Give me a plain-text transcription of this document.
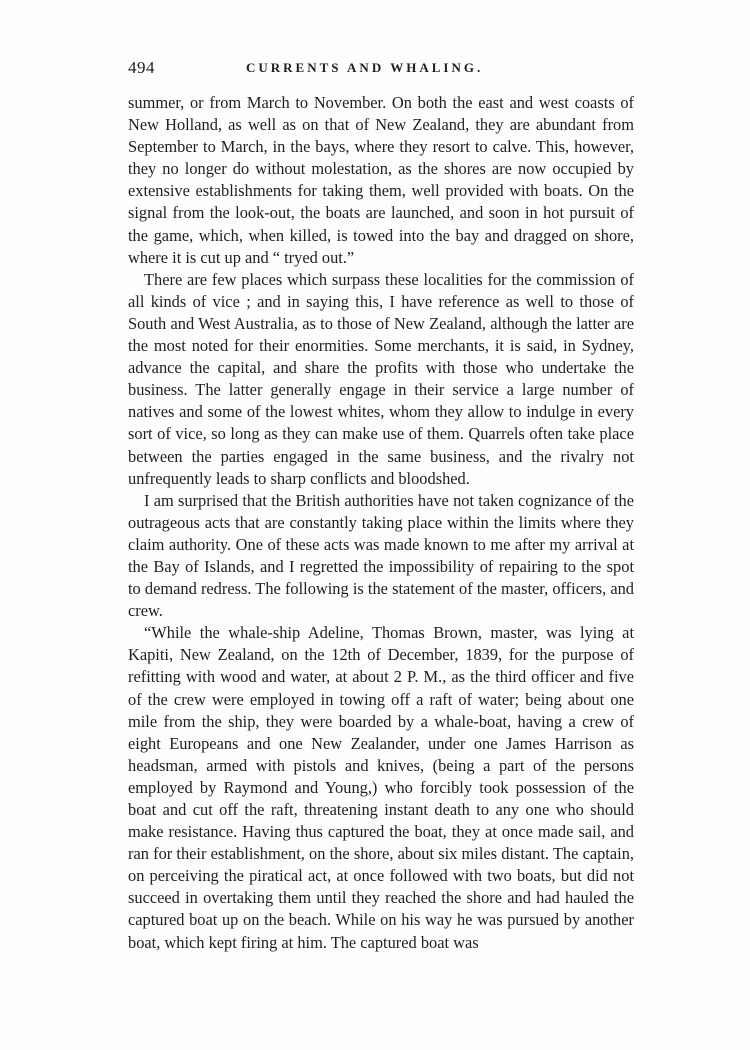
494	CURRENTS AND WHALING.

summer, or from March to November. On both the east and west coasts of New Holland, as well as on that of New Zealand, they are abundant from September to March, in the bays, where they resort to calve. This, however, they no longer do without molestation, as the shores are now occupied by extensive establishments for taking them, well provided with boats. On the signal from the look-out, the boats are launched, and soon in hot pursuit of the game, which, when killed, is towed into the bay and dragged on shore, where it is cut up and “ tryed out.”

There are few places which surpass these localities for the commission of all kinds of vice ; and in saying this, I have reference as well to those of South and West Australia, as to those of New Zealand, although the latter are the most noted for their enormities. Some merchants, it is said, in Sydney, advance the capital, and share the profits with those who undertake the business. The latter generally engage in their service a large number of natives and some of the lowest whites, whom they allow to indulge in every sort of vice, so long as they can make use of them. Quarrels often take place between the parties engaged in the same business, and the rivalry not unfrequently leads to sharp conflicts and bloodshed.

I am surprised that the British authorities have not taken cognizance of the outrageous acts that are constantly taking place within the limits where they claim authority. One of these acts was made known to me after my arrival at the Bay of Islands, and I regretted the impossibility of repairing to the spot to demand redress. The following is the statement of the master, officers, and crew.

“While the whale-ship Adeline, Thomas Brown, master, was lying at Kapiti, New Zealand, on the 12th of December, 1839, for the purpose of refitting with wood and water, at about 2 P. M., as the third officer and five of the crew were employed in towing off a raft of water; being about one mile from the ship, they were boarded by a whale-boat, having a crew of eight Europeans and one New Zealander, under one James Harrison as headsman, armed with pistols and knives, (being a part of the persons employed by Raymond and Young,) who forcibly took possession of the boat and cut off the raft, threatening instant death to any one who should make resistance. Having thus captured the boat, they at once made sail, and ran for their establishment, on the shore, about six miles distant. The captain, on perceiving the piratical act, at once followed with two boats, but did not succeed in overtaking them until they reached the shore and had hauled the captured boat up on the beach. While on his way he was pursued by another boat, which kept firing at him. The captured boat was
